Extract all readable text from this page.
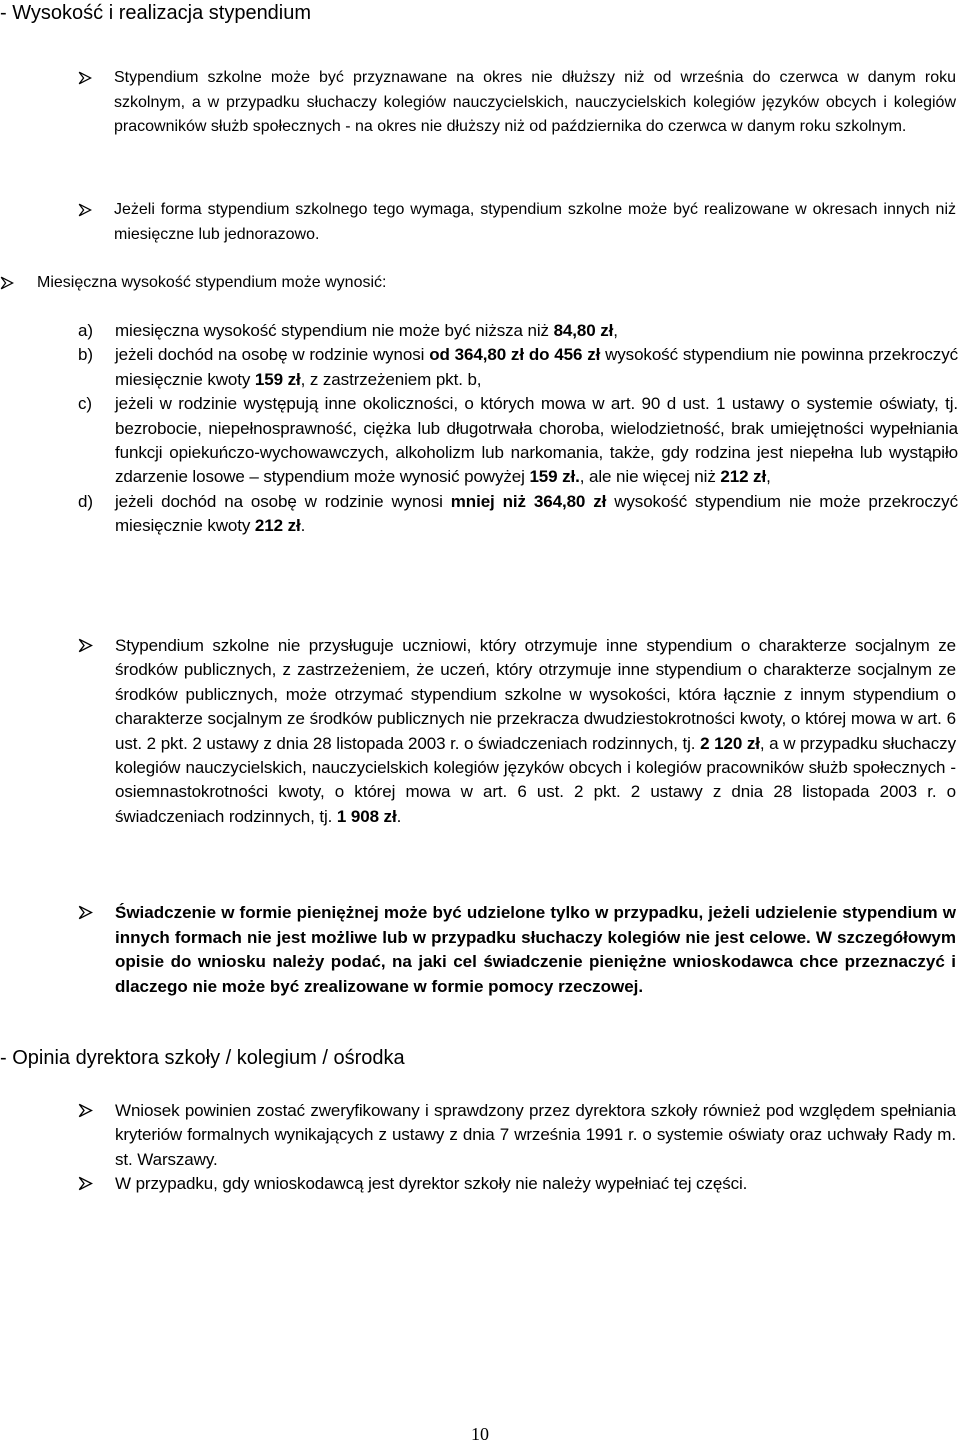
- Wysokość i realizacja stypendium

Stypendium szkolne może być przyznawane na okres nie dłuższy niż od września do czerwca w danym roku szkolnym, a w przypadku słuchaczy kolegiów nauczycielskich, nauczycielskich kolegiów języków obcych i kolegiów pracowników służb społecznych - na okres nie dłuższy niż od października do czerwca w danym roku szkolnym.

Jeżeli forma stypendium szkolnego tego wymaga, stypendium szkolne może być realizowane w okresach innych niż miesięczne lub jednorazowo.

Miesięczna wysokość stypendium może wynosić:

a) miesięczna wysokość stypendium nie może być niższa niż 84,80 zł,
b) jeżeli dochód na osobę w rodzinie wynosi od 364,80 zł do 456 zł wysokość stypendium nie powinna przekroczyć miesięcznie kwoty 159 zł, z zastrzeżeniem pkt. b,
c) jeżeli w rodzinie występują inne okoliczności, o których mowa w art. 90 d ust. 1 ustawy o systemie oświaty, tj. bezrobocie, niepełnosprawność, ciężka lub długotrwała choroba, wielodzietność, brak umiejętności wypełniania funkcji opiekuńczo-wychowawczych, alkoholizm lub narkomania, także, gdy rodzina jest niepełna lub wystąpiło zdarzenie losowe – stypendium może wynosić powyżej 159 zł., ale nie więcej niż 212 zł,
d) jeżeli dochód na osobę w rodzinie wynosi mniej niż 364,80 zł wysokość stypendium nie może przekroczyć miesięcznie kwoty 212 zł.

Stypendium szkolne nie przysługuje uczniowi, który otrzymuje inne stypendium o charakterze socjalnym ze środków publicznych, z zastrzeżeniem, że uczeń, który otrzymuje inne stypendium o charakterze socjalnym ze środków publicznych, może otrzymać stypendium szkolne w wysokości, która łącznie z innym stypendium o charakterze socjalnym ze środków publicznych nie przekracza dwudziestokrotności kwoty, o której mowa w art. 6 ust. 2 pkt. 2 ustawy z dnia 28 listopada 2003 r. o świadczeniach rodzinnych, tj. 2 120 zł, a w przypadku słuchaczy kolegiów nauczycielskich, nauczycielskich kolegiów języków obcych i kolegiów pracowników służb społecznych - osiemnastokrotności kwoty, o której mowa w art. 6 ust. 2 pkt. 2 ustawy z dnia 28 listopada 2003 r. o świadczeniach rodzinnych, tj. 1 908 zł.

Świadczenie w formie pieniężnej może być udzielone tylko w przypadku, jeżeli udzielenie stypendium w innych formach nie jest możliwe lub w przypadku słuchaczy kolegiów nie jest celowe. W szczegółowym opisie do wniosku należy podać, na jaki cel świadczenie pieniężne wnioskodawca chce przeznaczyć i dlaczego nie może być zrealizowane w formie pomocy rzeczowej.

- Opinia dyrektora szkoły / kolegium / ośrodka

Wniosek powinien zostać zweryfikowany i sprawdzony przez dyrektora szkoły również pod względem spełniania kryteriów formalnych wynikających z ustawy z dnia 7 września 1991 r. o systemie oświaty oraz uchwały Rady m. st. Warszawy.

W przypadku, gdy wnioskodawcą jest dyrektor szkoły nie należy wypełniać tej części.

10
